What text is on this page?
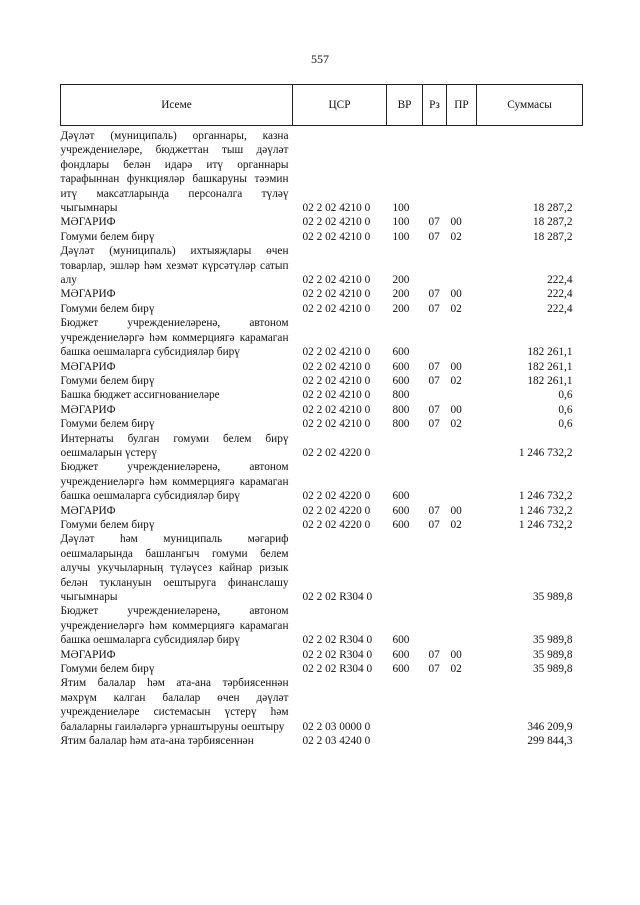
557
Исеме	ЦСР	ВР	Рз	ПР	Суммасы

Дәүләт (муниципаль) органнары, казна учреждениеләре, бюджеттан тыш дәүләт фондлары белән идарә итү органнары тарафыннан функцияләр башкаруны тәэмин итү максатларында персоналга түләү чыгымнары	02 2 02 4210 0	100			18 287,2

МӘГАРИФ	02 2 02 4210 0	100	07	00	18 287,2

Гомуми белем бирү	02 2 02 4210 0	100	07	02	18 287,2

Дәүләт (муниципаль) ихтыяҗлары өчен товарлар, эшләр һәм хезмәт күрсәтүләр сатып алу	02 2 02 4210 0	200			222,4

МӘГАРИФ	02 2 02 4210 0	200	07	00	222,4

Гомуми белем бирү	02 2 02 4210 0	200	07	02	222,4

Бюджет учреждениеләренә, автоном учреждениеләргә һәм коммерциягә карамаган башка оешмаларга субсидияләр бирү	02 2 02 4210 0	600			182 261,1

МӘГАРИФ	02 2 02 4210 0	600	07	00	182 261,1

Гомуми белем бирү	02 2 02 4210 0	600	07	02	182 261,1

Башка бюджет ассигнованиеләре	02 2 02 4210 0	800			0,6

МӘГАРИФ	02 2 02 4210 0	800	07	00	0,6

Гомуми белем бирү	02 2 02 4210 0	800	07	02	0,6

Интернаты булган гомуми белем бирү оешмаларын үстерү	02 2 02 4220 0				1 246 732,2

Бюджет учреждениеләренә, автоном учреждениеләргә һәм коммерциягә карамаган башка оешмаларга субсидияләр бирү	02 2 02 4220 0	600			1 246 732,2

МӘГАРИФ	02 2 02 4220 0	600	07	00	1 246 732,2

Гомуми белем бирү	02 2 02 4220 0	600	07	02	1 246 732,2

Дәүләт һәм муниципаль мәгариф оешмаларында башлангыч гомуми белем алучы укучыларның түләүсез кайнар ризык белән туклануын оештыруга финанслашу чыгымнары	02 2 02 R304 0				35 989,8

Бюджет учреждениеләренә, автоном учреждениеләргә һәм коммерциягә карамаган башка оешмаларга субсидияләр бирү	02 2 02 R304 0	600			35 989,8

МӘГАРИФ	02 2 02 R304 0	600	07	00	35 989,8

Гомуми белем бирү	02 2 02 R304 0	600	07	02	35 989,8

Ятим балалар һәм ата-ана тәрбиясеннән мәхрүм калган балалар өчен дәүләт учреждениеләре системасын үстерү һәм балаларны гаиләләргә урнаштыруны оештыру	02 2 03 0000 0				346 209,9

Ятим балалар һәм ата-ана тәрбиясеннән	02 2 03 4240 0				299 844,3
